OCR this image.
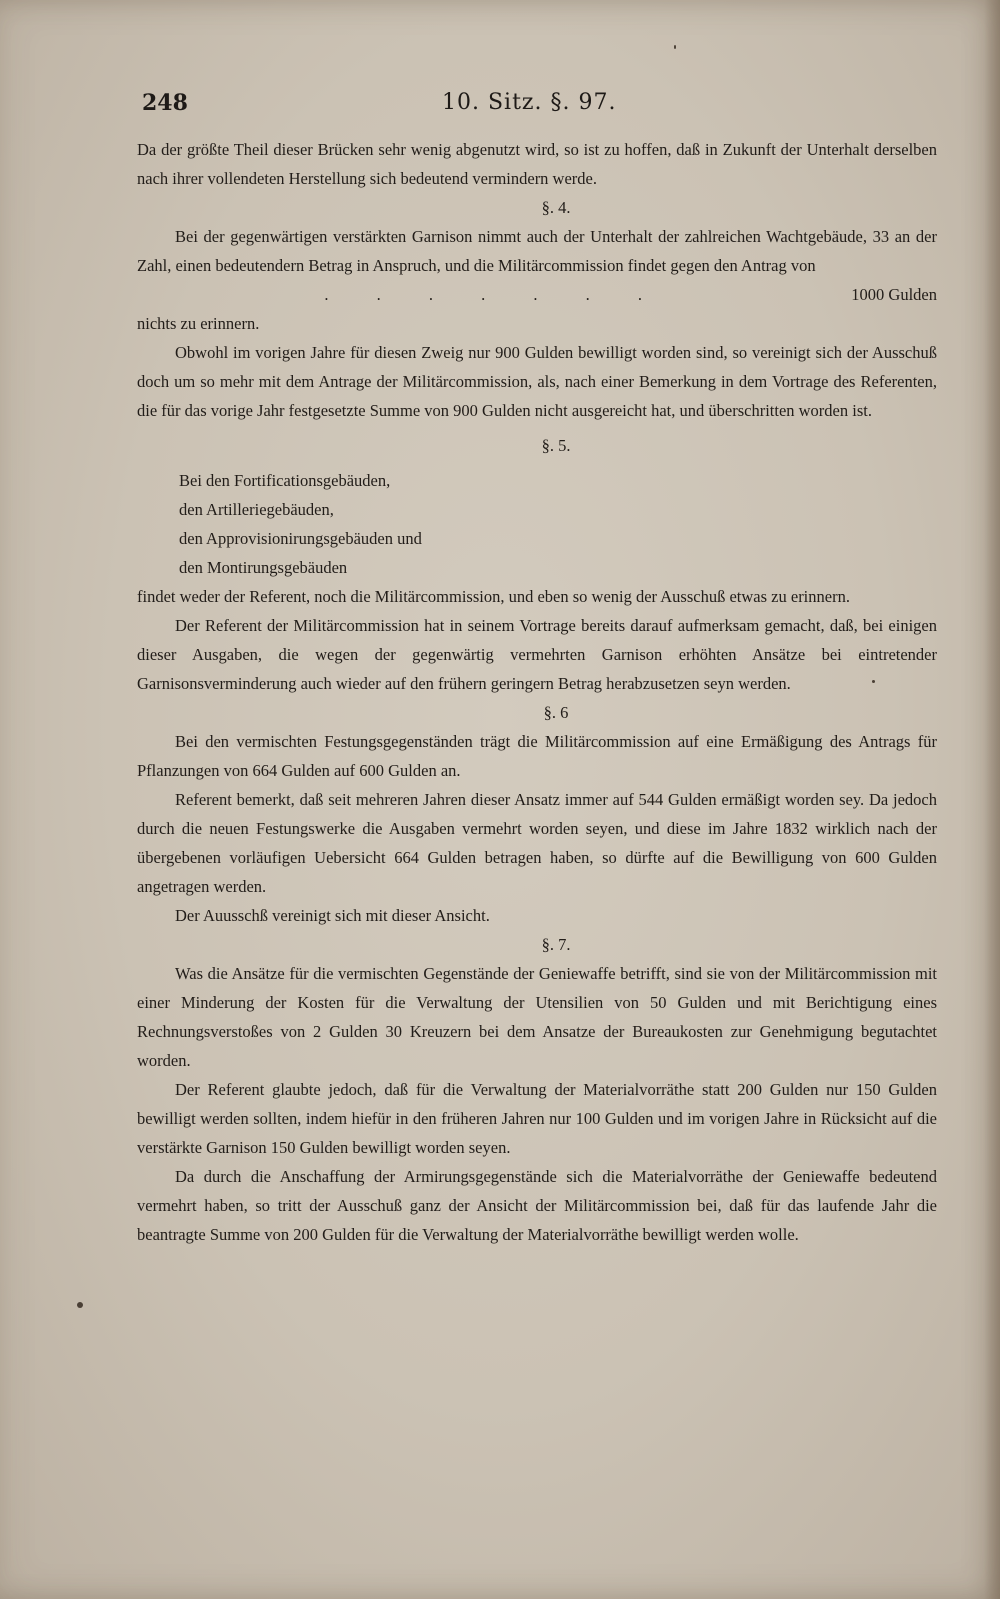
248	10. Sitz. §. 97.

Da der größte Theil dieser Brücken sehr wenig abgenutzt wird, so ist zu hoffen, daß in Zukunft der Unterhalt derselben nach ihrer vollendeten Herstellung sich bedeutend vermindern werde.

§. 4.

Bei der gegenwärtigen verstärkten Garnison nimmt auch der Unterhalt der zahlreichen Wachtgebäude, 33 an der Zahl, einen bedeutendern Betrag in Anspruch, und die Militärcommission findet gegen den Antrag von

. . . . . . .	1000 Gulden

nichts zu erinnern.

Obwohl im vorigen Jahre für diesen Zweig nur 900 Gulden bewilligt worden sind, so vereinigt sich der Ausschuß doch um so mehr mit dem Antrage der Militärcommission, als, nach einer Bemerkung in dem Vortrage des Referenten, die für das vorige Jahr festgesetzte Summe von 900 Gulden nicht ausgereicht hat, und überschritten worden ist.

§. 5.

Bei den Fortificationsgebäuden,
den Artilleriegebäuden,
den Approvisionirungsgebäuden und
den Montirungsgebäuden

findet weder der Referent, noch die Militärcommission, und eben so wenig der Ausschuß etwas zu erinnern.

Der Referent der Militärcommission hat in seinem Vortrage bereits darauf aufmerksam gemacht, daß, bei einigen dieser Ausgaben, die wegen der gegenwärtig vermehrten Garnison erhöhten Ansätze bei eintretender Garnisonsverminderung auch wieder auf den frühern geringern Betrag herabzusetzen seyn werden.

§. 6

Bei den vermischten Festungsgegenständen trägt die Militärcommission auf eine Ermäßigung des Antrags für Pflanzungen von 664 Gulden auf 600 Gulden an.

Referent bemerkt, daß seit mehreren Jahren dieser Ansatz immer auf 544 Gulden ermäßigt worden sey. Da jedoch durch die neuen Festungswerke die Ausgaben vermehrt worden seyen, und diese im Jahre 1832 wirklich nach der übergebenen vorläufigen Uebersicht 664 Gulden betragen haben, so dürfte auf die Bewilligung von 600 Gulden angetragen werden.

Der Auusschß vereinigt sich mit dieser Ansicht.

§. 7.

Was die Ansätze für die vermischten Gegenstände der Geniewaffe betrifft, sind sie von der Militärcommission mit einer Minderung der Kosten für die Verwaltung der Utensilien von 50 Gulden und mit Berichtigung eines Rechnungsverstoßes von 2 Gulden 30 Kreuzern bei dem Ansatze der Bureaukosten zur Genehmigung begutachtet worden.

Der Referent glaubte jedoch, daß für die Verwaltung der Materialvorräthe statt 200 Gulden nur 150 Gulden bewilligt werden sollten, indem hiefür in den früheren Jahren nur 100 Gulden und im vorigen Jahre in Rücksicht auf die verstärkte Garnison 150 Gulden bewilligt worden seyen.

Da durch die Anschaffung der Armirungsgegenstände sich die Materialvorräthe der Geniewaffe bedeutend vermehrt haben, so tritt der Ausschuß ganz der Ansicht der Militärcommission bei, daß für das laufende Jahr die beantragte Summe von 200 Gulden für die Verwaltung der Materialvorräthe bewilligt werden wolle.
